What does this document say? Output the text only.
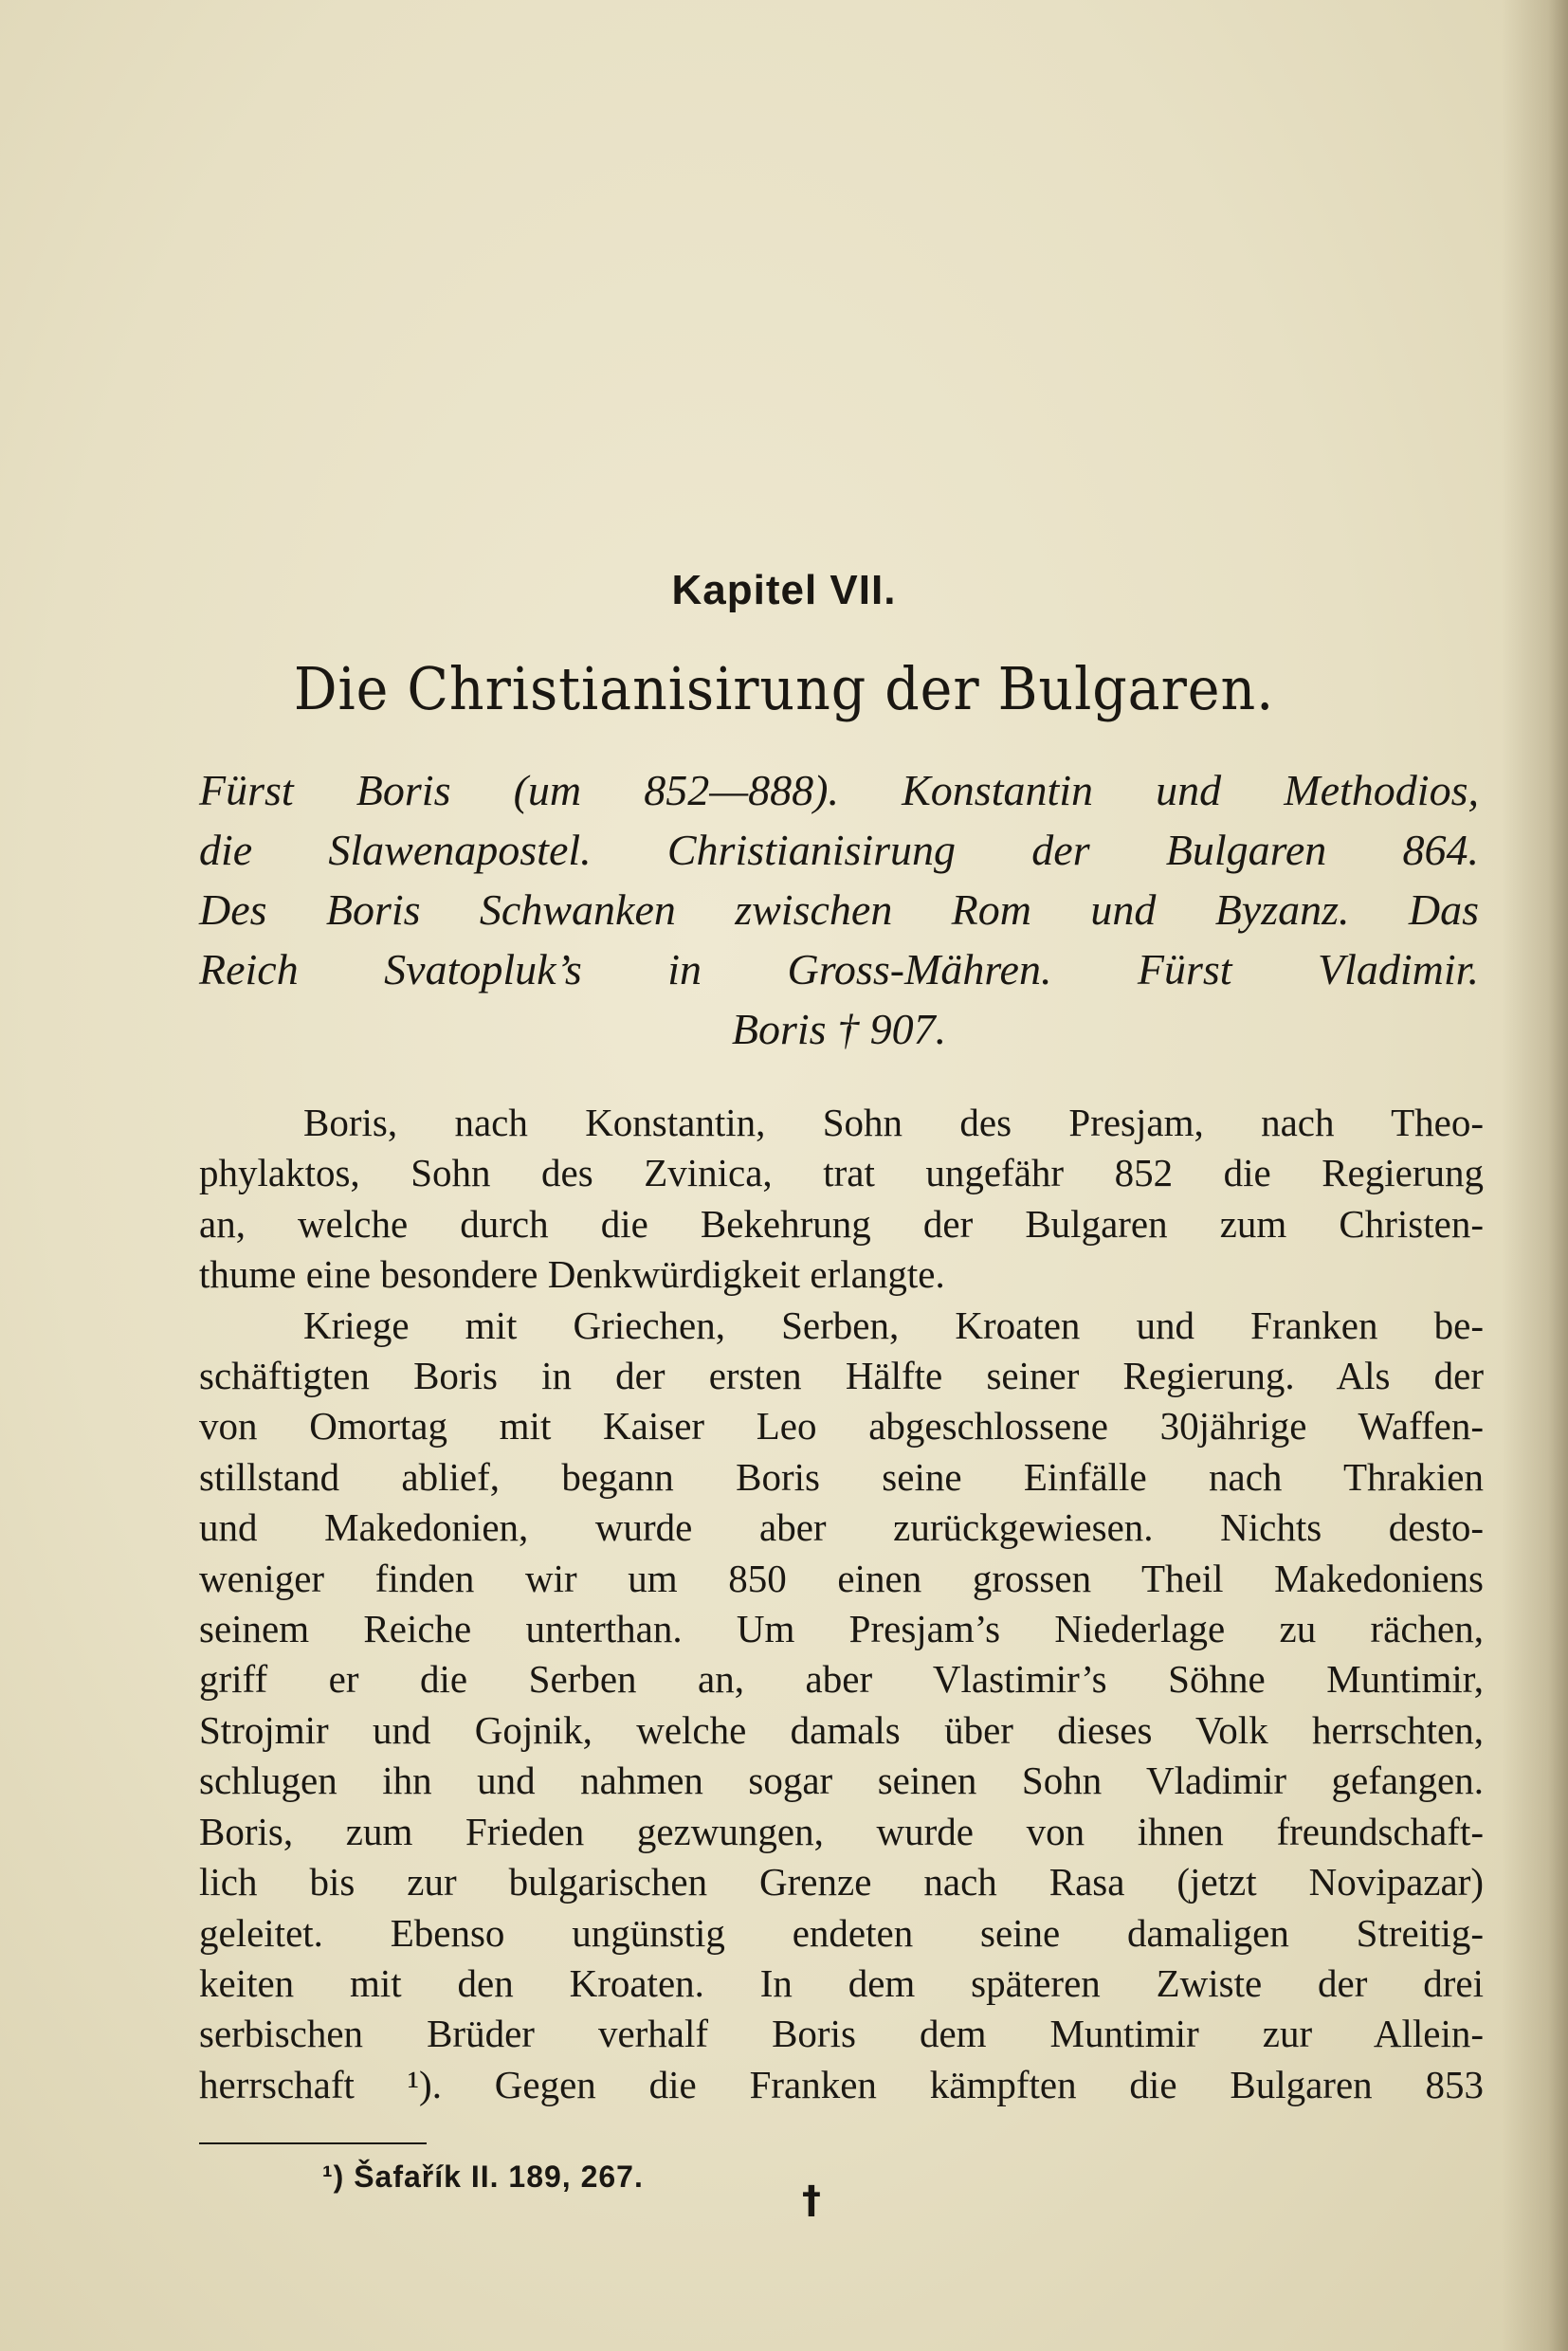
Kapitel VII.
Die Christianisirung der Bulgaren.
Fürst Boris (um 852—888). Konstantin und Methodios,
die Slawenapostel. Christianisirung der Bulgaren 864.
Des Boris Schwanken zwischen Rom und Byzanz. Das
Reich Svatopluk’s in Gross-Mähren. Fürst Vladimir.
Boris † 907.
Boris, nach Konstantin, Sohn des Presjam, nach Theo-
phylaktos, Sohn des Zvinica, trat ungefähr 852 die Regierung
an, welche durch die Bekehrung der Bulgaren zum Christen-
thume eine besondere Denkwürdigkeit erlangte.
Kriege mit Griechen, Serben, Kroaten und Franken be-
schäftigten Boris in der ersten Hälfte seiner Regierung. Als der
von Omortag mit Kaiser Leo abgeschlossene 30jährige Waffen-
stillstand ablief, begann Boris seine Einfälle nach Thrakien
und Makedonien, wurde aber zurückgewiesen. Nichts desto-
weniger finden wir um 850 einen grossen Theil Makedoniens
seinem Reiche unterthan. Um Presjam’s Niederlage zu rächen,
griff er die Serben an, aber Vlastimir’s Söhne Muntimir,
Strojmir und Gojnik, welche damals über dieses Volk herrschten,
schlugen ihn und nahmen sogar seinen Sohn Vladimir gefangen.
Boris, zum Frieden gezwungen, wurde von ihnen freundschaft-
lich bis zur bulgarischen Grenze nach Rasa (jetzt Novipazar)
geleitet. Ebenso ungünstig endeten seine damaligen Streitig-
keiten mit den Kroaten. In dem späteren Zwiste der drei
serbischen Brüder verhalf Boris dem Muntimir zur Allein-
herrschaft ¹). Gegen die Franken kämpften die Bulgaren 853
¹) Šafařík II. 189, 267.
†
